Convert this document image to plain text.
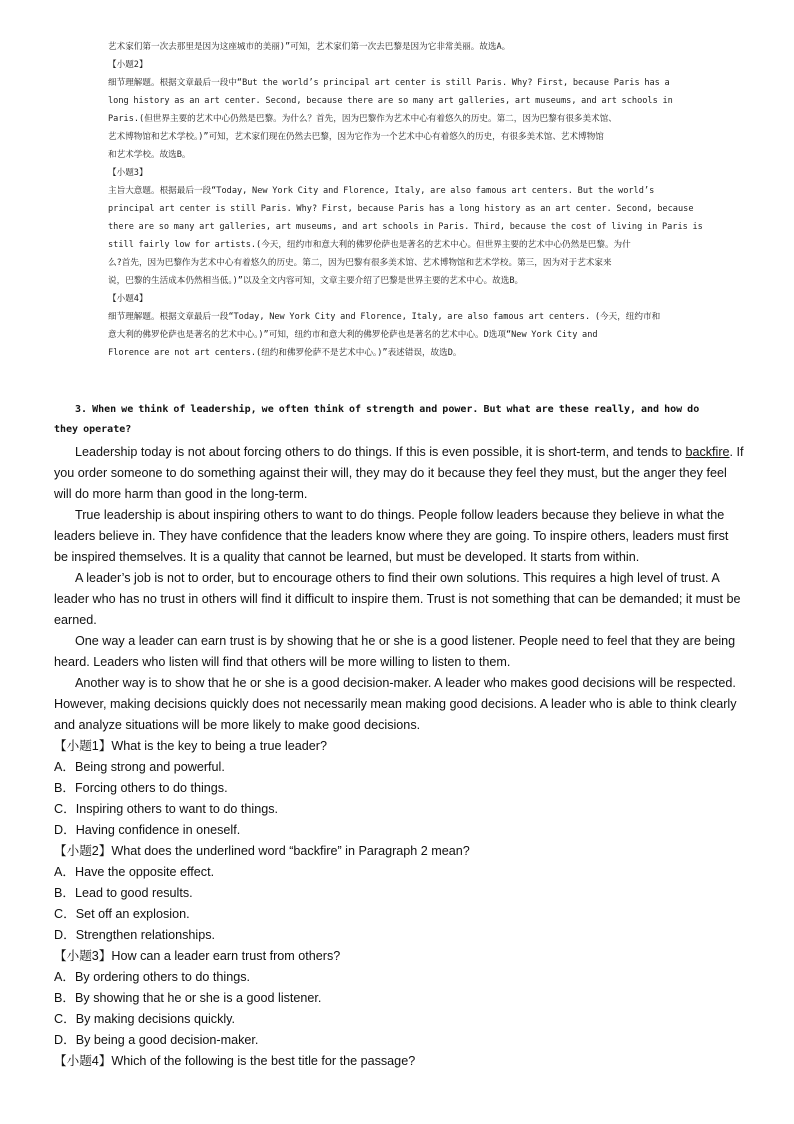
艺术家们第一次去那里是因为这座城市的美丽)”可知，艺术家们第一次去巴黎是因为它非常美丽。故选A。

【小题2】

细节理解题。根据文章最后一段中“But the world’s principal art center is still Paris. Why? First, because Paris has a

long history as an art center. Second, because there are so many art galleries, art museums, and art schools in

Paris.(但世界主要的艺术中心仍然是巴黎。为什么？首先，因为巴黎作为艺术中心有着悠久的历史。第二，因为巴黎有很多美术馆、

艺术博物馆和艺术学校。)”可知，艺术家们现在仍然去巴黎，因为它作为一个艺术中心有着悠久的历史，有很多美术馆、艺术博物馆

和艺术学校。故选B。

【小题3】

主旨大意题。根据最后一段“Today, New York City and Florence, Italy, are also famous art centers. But the world’s

principal art center is still Paris. Why? First, because Paris has a long history as an art center. Second, because

there are so many art galleries, art museums, and art schools in Paris. Third, because the cost of living in Paris is

still fairly low for artists.(今天，纽约市和意大利的佛罗伦萨也是著名的艺术中心。但世界主要的艺术中心仍然是巴黎。为什

么?首先，因为巴黎作为艺术中心有着悠久的历史。第二，因为巴黎有很多美术馆、艺术博物馆和艺术学校。第三，因为对于艺术家来

说，巴黎的生活成本仍然相当低。)”以及全文内容可知，文章主要介绍了巴黎是世界主要的艺术中心。故选B。

【小题4】

细节理解题。根据文章最后一段“Today, New York City and Florence, Italy, are also famous art centers. (今天，纽约市和

意大利的佛罗伦萨也是著名的艺术中心。)”可知，纽约市和意大利的佛罗伦萨也是著名的艺术中心。D选项“New York City and

Florence are not art centers.(纽约和佛罗伦萨不是艺术中心。)”表述错误，故选D。

3. When we think of leadership, we often think of strength and power. But what are these really, and how do
they operate?

Leadership today is not about forcing others to do things. If this is even possible, it is short-term, and tends to backfire. If you order someone to do something against their will, they may do it because they feel they must, but the anger they feel will do more harm than good in the long-term.

True leadership is about inspiring others to want to do things. People follow leaders because they believe in what the leaders believe in. They have confidence that the leaders know where they are going. To inspire others, leaders must first be inspired themselves. It is a quality that cannot be learned, but must be developed. It starts from within.

A leader’s job is not to order, but to encourage others to find their own solutions. This requires a high level of trust. A leader who has no trust in others will find it difficult to inspire them. Trust is not something that can be demanded; it must be earned.

One way a leader can earn trust is by showing that he or she is a good listener. People need to feel that they are being heard. Leaders who listen will find that others will be more willing to listen to them.

Another way is to show that he or she is a good decision-maker. A leader who makes good decisions will be respected. However, making decisions quickly does not necessarily mean making good decisions. A leader who is able to think clearly and analyze situations will be more likely to make good decisions.

【小题1】What is the key to being a true leader?

A．Being strong and powerful.

B．Forcing others to do things.

C．Inspiring others to want to do things.

D．Having confidence in oneself.

【小题2】What does the underlined word “backfire” in Paragraph 2 mean?

A．Have the opposite effect.

B．Lead to good results.

C．Set off an explosion.

D．Strengthen relationships.

【小题3】How can a leader earn trust from others?

A．By ordering others to do things.

B．By showing that he or she is a good listener.

C．By making decisions quickly.

D．By being a good decision-maker.

【小题4】Which of the following is the best title for the passage?
